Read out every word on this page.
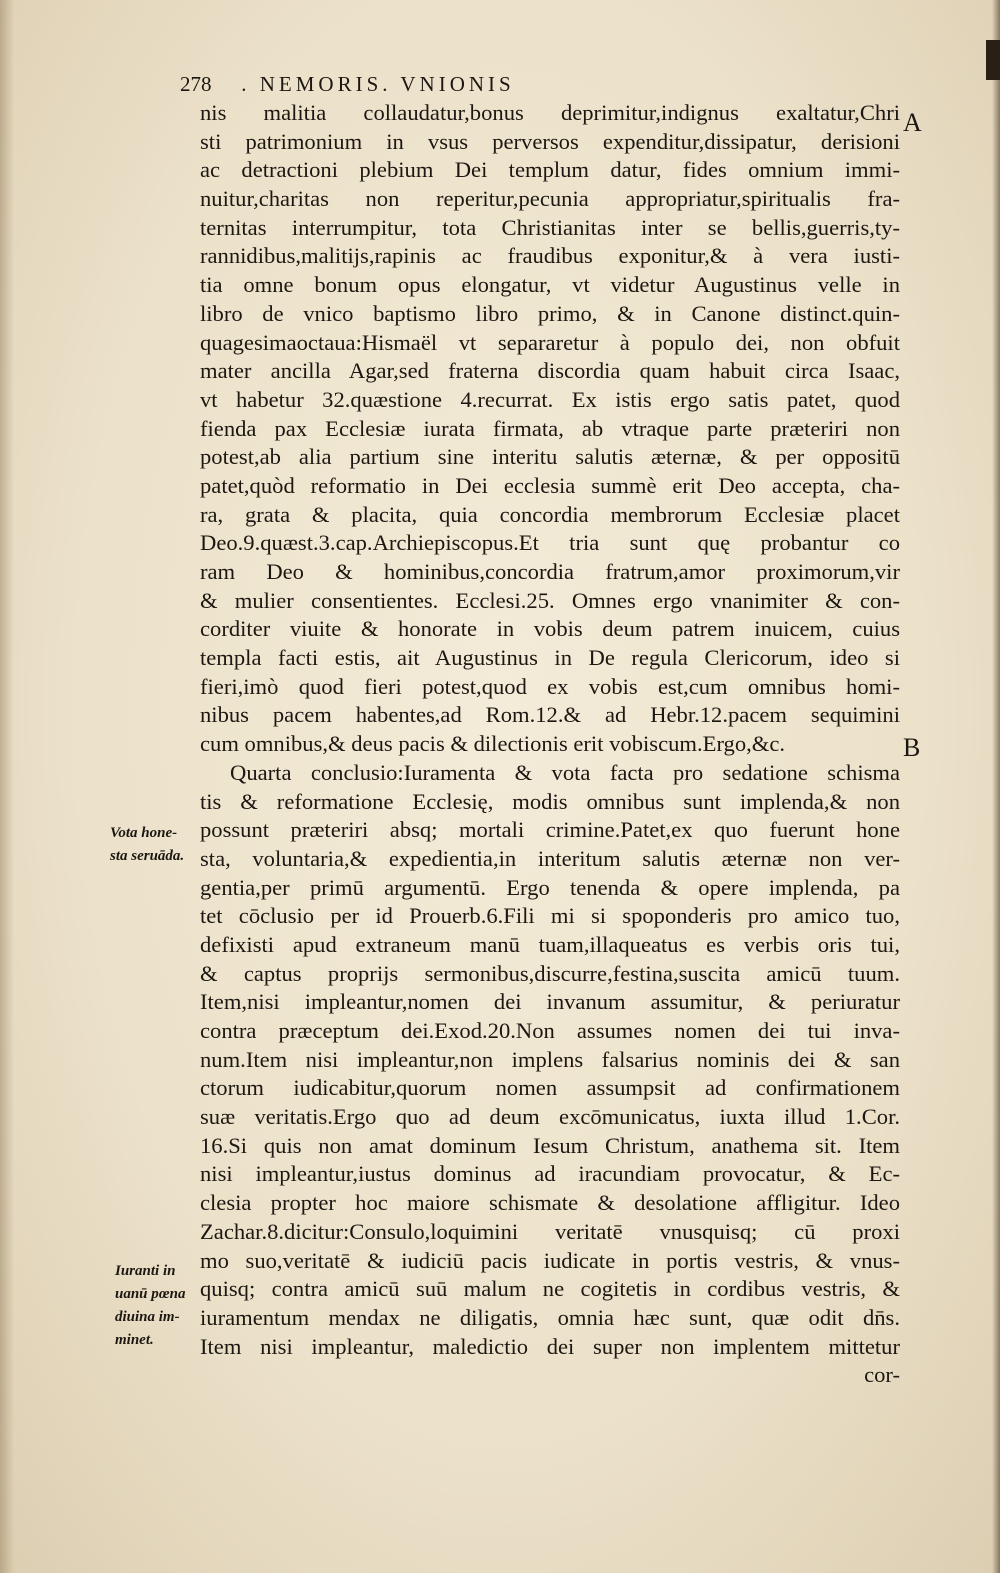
278 . NEMORIS. VNIONIS
A
B
Vota hone-
sta seruāda.
Iuranti in
uanū pœna
diuina im-
minet.
nis malitia collaudatur,bonus deprimitur,indignus exaltatur,Chri
sti patrimonium in vsus perversos expenditur,dissipatur, derisioni
ac detractioni plebium Dei templum datur, fides omnium immi-
nuitur,charitas non reperitur,pecunia appropriatur,spiritualis fra-
ternitas interrumpitur, tota Christianitas inter se bellis,guerris,ty-
rannidibus,malitijs,rapinis ac fraudibus exponitur,& à vera iusti-
tia omne bonum opus elongatur, vt videtur Augustinus velle in
libro de vnico baptismo libro primo, & in Canone distinct.quin-
quagesimaoctaua:Hismaël vt separaretur à populo dei, non obfuit
mater ancilla Agar,sed fraterna discordia quam habuit circa Isaac,
vt habetur 32.quæstione 4.recurrat. Ex istis ergo satis patet, quod
fienda pax Ecclesiæ iurata firmata, ab vtraque parte præteriri non
potest,ab alia partium sine interitu salutis æternæ, & per oppositū
patet,quòd reformatio in Dei ecclesia summè erit Deo accepta, cha-
ra, grata & placita, quia concordia membrorum Ecclesiæ placet
Deo.9.quæst.3.cap.Archiepiscopus.Et tria sunt quę probantur co
ram Deo & hominibus,concordia fratrum,amor proximorum,vir
& mulier consentientes. Ecclesi.25. Omnes ergo vnanimiter & con-
corditer viuite & honorate in vobis deum patrem inuicem, cuius
templa facti estis, ait Augustinus in De regula Clericorum, ideo si
fieri,imò quod fieri potest,quod ex vobis est,cum omnibus homi-
nibus pacem habentes,ad Rom.12.& ad Hebr.12.pacem sequimini
cum omnibus,& deus pacis & dilectionis erit vobiscum.Ergo,&c.
Quarta conclusio:Iuramenta & vota facta pro sedatione schisma
tis & reformatione Ecclesię, modis omnibus sunt implenda,& non
possunt præteriri absq; mortali crimine.Patet,ex quo fuerunt hone
sta, voluntaria,& expedientia,in interitum salutis æternæ non ver-
gentia,per primū argumentū. Ergo tenenda & opere implenda, pa
tet cōclusio per id Prouerb.6.Fili mi si spoponderis pro amico tuo,
defixisti apud extraneum manū tuam,illaqueatus es verbis oris tui,
& captus proprijs sermonibus,discurre,festina,suscita amicū tuum.
Item,nisi impleantur,nomen dei invanum assumitur, & periuratur
contra præceptum dei.Exod.20.Non assumes nomen dei tui inva-
num.Item nisi impleantur,non implens falsarius nominis dei & san
ctorum iudicabitur,quorum nomen assumpsit ad confirmationem
suæ veritatis.Ergo quo ad deum excōmunicatus, iuxta illud 1.Cor.
16.Si quis non amat dominum Iesum Christum, anathema sit. Item
nisi impleantur,iustus dominus ad iracundiam provocatur, & Ec-
clesia propter hoc maiore schismate & desolatione affligitur. Ideo
Zachar.8.dicitur:Consulo,loquimini veritatē vnusquisq; cū proxi
mo suo,veritatē & iudiciū pacis iudicate in portis vestris, & vnus-
quisq; contra amicū suū malum ne cogitetis in cordibus vestris, &
iuramentum mendax ne diligatis, omnia hæc sunt, quæ odit dn̄s.
Item nisi impleantur, maledictio dei super non implentem mittetur
cor-
